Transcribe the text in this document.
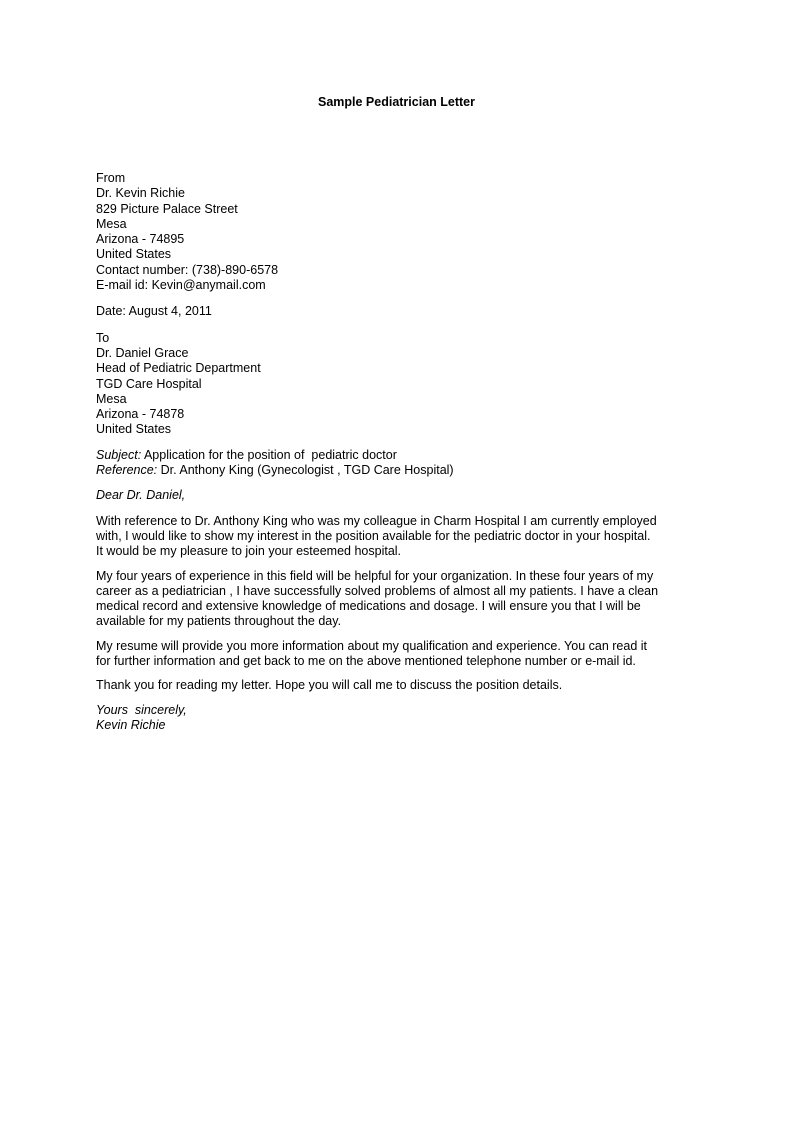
Sample Pediatrician Letter
From
Dr. Kevin Richie
829 Picture Palace Street
Mesa
Arizona - 74895
United States
Contact number: (738)-890-6578
E-mail id: Kevin@anymail.com
Date: August 4, 2011
To
Dr. Daniel Grace
Head of Pediatric Department
TGD Care Hospital
Mesa
Arizona - 74878
United States
Subject: Application for the position of  pediatric doctor
Reference: Dr. Anthony King (Gynecologist , TGD Care Hospital)
Dear Dr. Daniel,

With reference to Dr. Anthony King who was my colleague in Charm Hospital I am currently employed
with, I would like to show my interest in the position available for the pediatric doctor in your hospital.
It would be my pleasure to join your esteemed hospital.

My four years of experience in this field will be helpful for your organization. In these four years of my
career as a pediatrician , I have successfully solved problems of almost all my patients. I have a clean
medical record and extensive knowledge of medications and dosage. I will ensure you that I will be
available for my patients throughout the day.

My resume will provide you more information about my qualification and experience. You can read it
for further information and get back to me on the above mentioned telephone number or e-mail id.

Thank you for reading my letter. Hope you will call me to discuss the position details.

Yours  sincerely,
Kevin Richie
